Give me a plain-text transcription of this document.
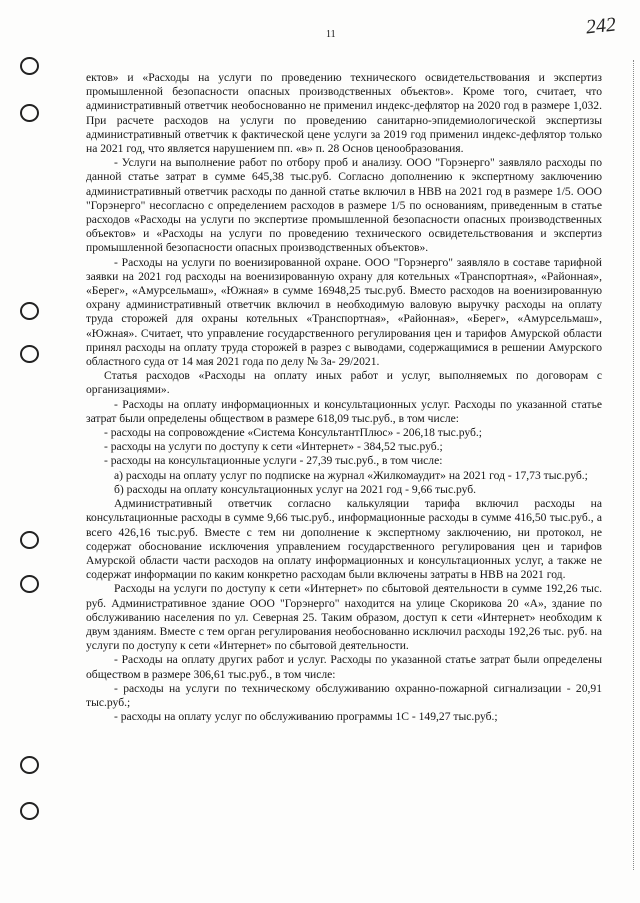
11	242

ектов» и «Расходы на услуги по проведению технического освидетельствования и экспертиз промышленной безопасности опасных производственных объектов». Кроме того, считает, что административный ответчик необоснованно не применил индекс-дефлятор на 2020 год в размере 1,032. При расчете расходов на услуги по проведению санитарно-эпидемиологической экспертизы административный ответчик к фактической цене услуги за 2019 год применил индекс-дефлятор только на 2021 год, что является нарушением пп. «в» п. 28 Основ ценообразования.

- Услуги на выполнение работ по отбору проб и анализу. ООО "Горэнерго" заявляло расходы по данной статье затрат в сумме 645,38 тыс.руб. Согласно дополнению к экспертному заключению административный ответчик расходы по данной статье включил в НВВ на 2021 год в размере 1/5. ООО "Горэнерго" несогласно с определением расходов в размере 1/5 по основаниям, приведенным в статье расходов «Расходы на услуги по экспертизе промышленной безопасности опасных производственных объектов» и «Расходы на услуги по проведению технического освидетельствования и экспертиз промышленной безопасности опасных производственных объектов».

- Расходы на услуги по военизированной охране. ООО "Горэнерго" заявляло в составе тарифной заявки на 2021 год расходы на военизированную охрану для котельных «Транспортная», «Районная», «Берег», «Амурсельмаш», «Южная» в сумме 16948,25 тыс.руб. Вместо расходов на военизированную охрану административный ответчик включил в необходимую валовую выручку расходы на оплату труда сторожей для охраны котельных «Транспортная», «Районная», «Берег», «Амурсельмаш», «Южная». Считает, что управление государственного регулирования цен и тарифов Амурской области принял расходы на оплату труда сторожей в разрез с выводами, содержащимися в решении Амурского областного суда от 14 мая 2021 года по делу № 3а- 29/2021.

Статья расходов «Расходы на оплату иных работ и услуг, выполняемых по договорам с организациями».

- Расходы на оплату информационных и консультационных услуг. Расходы по указанной статье затрат были определены обществом в размере 618,09 тыс.руб., в том числе:

- расходы на сопровождение «Система КонсультантПлюс» - 206,18 тыс.руб.;

- расходы на услуги по доступу к сети «Интернет» - 384,52 тыс.руб.;

- расходы на консультационные услуги - 27,39 тыс.руб., в том числе:

а) расходы на оплату услуг по подписке на журнал «Жилкомаудит» на 2021 год - 17,73 тыс.руб.;

б) расходы на оплату консультационных услуг на 2021 год - 9,66 тыс.руб.

Административный ответчик согласно калькуляции тарифа включил расходы на консультационные расходы в сумме 9,66 тыс.руб., информационные расходы в сумме 416,50 тыс.руб., а всего 426,16 тыс.руб. Вместе с тем ни дополнение к экспертному заключению, ни протокол, не содержат обоснование исключения управлением государственного регулирования цен и тарифов Амурской области части расходов на оплату информационных и консультационных услуг, а также не содержат информации по каким конкретно расходам были включены затраты в НВВ на 2021 год.

Расходы на услуги по доступу к сети «Интернет» по сбытовой деятельности в сумме 192,26 тыс. руб. Административное здание ООО "Горэнерго" находится на улице Скорикова 20 «А», здание по обслуживанию населения по ул. Северная 25. Таким образом, доступ к сети «Интернет» необходим к двум зданиям. Вместе с тем орган регулирования необоснованно исключил расходы 192,26 тыс. руб. на услуги по доступу к сети «Интернет» по сбытовой деятельности.

- Расходы на оплату других работ и услуг. Расходы по указанной статье затрат были определены обществом в размере 306,61 тыс.руб., в том числе:

- расходы на услуги по техническому обслуживанию охранно-пожарной сигнализации - 20,91 тыс.руб.;

- расходы на оплату услуг по обслуживанию программы 1С - 149,27 тыс.руб.;
